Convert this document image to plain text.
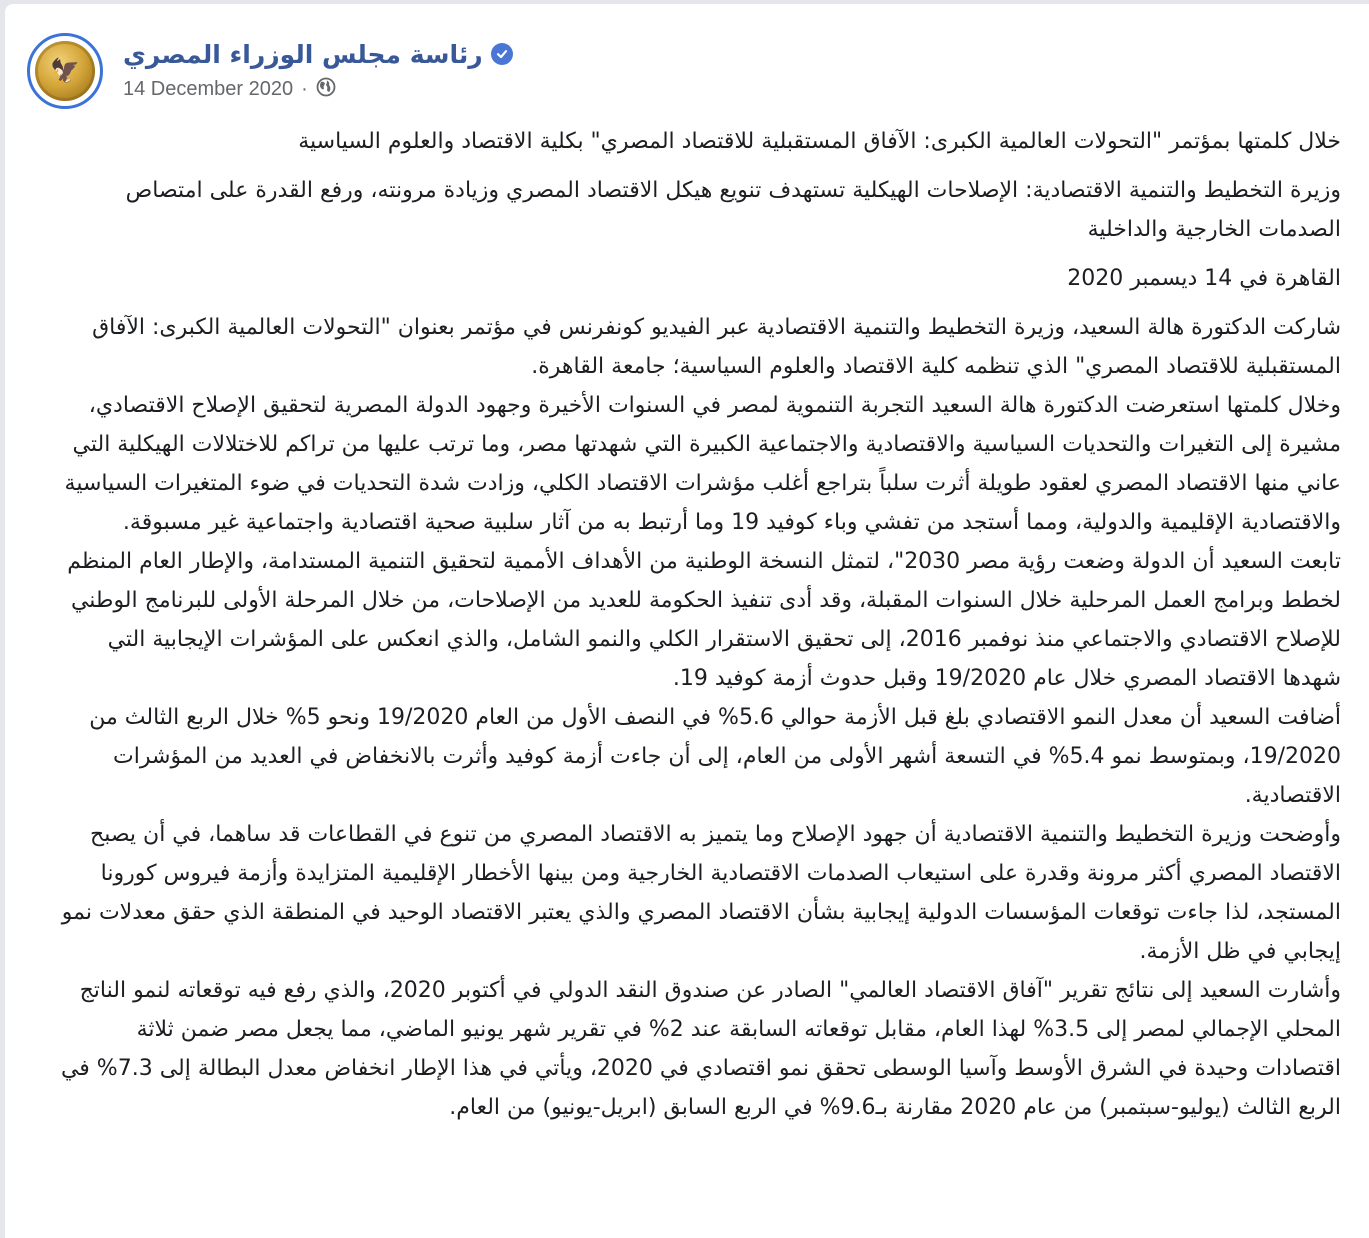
🦅
رئاسة مجلس الوزراء المصري
14 December 2020 ·

خلال كلمتها بمؤتمر "التحولات العالمية الكبرى: الآفاق المستقبلية للاقتصاد المصري" بكلية الاقتصاد والعلوم السياسية

وزيرة التخطيط والتنمية الاقتصادية: الإصلاحات الهيكلية تستهدف تنويع هيكل الاقتصاد المصري وزيادة مرونته، ورفع القدرة على امتصاص الصدمات الخارجية والداخلية

القاهرة في 14 ديسمبر 2020

شاركت الدكتورة هالة السعيد، وزيرة التخطيط والتنمية الاقتصادية عبر الفيديو كونفرنس في مؤتمر بعنوان "التحولات العالمية الكبرى: الآفاق المستقبلية للاقتصاد المصري" الذي تنظمه كلية الاقتصاد والعلوم السياسية؛ جامعة القاهرة.

وخلال كلمتها استعرضت الدكتورة هالة السعيد التجربة التنموية لمصر في السنوات الأخيرة وجهود الدولة المصرية لتحقيق الإصلاح الاقتصادي، مشيرة إلى التغيرات والتحديات السياسية والاقتصادية والاجتماعية الكبيرة التي شهدتها مصر، وما ترتب عليها من تراكم للاختلالات الهيكلية التي عاني منها الاقتصاد المصري لعقود طويلة أثرت سلباً بتراجع أغلب مؤشرات الاقتصاد الكلي، وزادت شدة التحديات في ضوء المتغيرات السياسية والاقتصادية الإقليمية والدولية، ومما أستجد من تفشي وباء كوفيد 19 وما أرتبط به من آثار سلبية صحية اقتصادية واجتماعية غير مسبوقة.

تابعت السعيد أن الدولة وضعت رؤية مصر 2030"، لتمثل النسخة الوطنية من الأهداف الأممية لتحقيق التنمية المستدامة، والإطار العام المنظم لخطط وبرامج العمل المرحلية خلال السنوات المقبلة، وقد أدى تنفيذ الحكومة للعديد من الإصلاحات، من خلال المرحلة الأولى للبرنامج الوطني للإصلاح الاقتصادي والاجتماعي منذ نوفمبر 2016، إلى تحقيق الاستقرار الكلي والنمو الشامل، والذي انعكس على المؤشرات الإيجابية التي شهدها الاقتصاد المصري خلال عام 19/2020 وقبل حدوث أزمة كوفيد 19.

أضافت السعيد أن معدل النمو الاقتصادي بلغ قبل الأزمة حوالي 5.6% في النصف الأول من العام 19/2020 ونحو 5% خلال الربع الثالث من 19/2020، وبمتوسط نمو 5.4% في التسعة أشهر الأولى من العام، إلى أن جاءت أزمة كوفيد وأثرت بالانخفاض في العديد من المؤشرات الاقتصادية.

وأوضحت وزيرة التخطيط والتنمية الاقتصادية أن جهود الإصلاح وما يتميز به الاقتصاد المصري من تنوع في القطاعات قد ساهما، في أن يصبح الاقتصاد المصري أكثر مرونة وقدرة على استيعاب الصدمات الاقتصادية الخارجية ومن بينها الأخطار الإقليمية المتزايدة وأزمة فيروس كورونا المستجد، لذا جاءت توقعات المؤسسات الدولية إيجابية بشأن الاقتصاد المصري والذي يعتبر الاقتصاد الوحيد في المنطقة الذي حقق معدلات نمو إيجابي في ظل الأزمة.

وأشارت السعيد إلى نتائج تقرير "آفاق الاقتصاد العالمي" الصادر عن صندوق النقد الدولي في أكتوبر 2020، والذي رفع فيه توقعاته لنمو الناتج المحلي الإجمالي لمصر إلى 3.5% لهذا العام، مقابل توقعاته السابقة عند 2% في تقرير شهر يونيو الماضي، مما يجعل مصر ضمن ثلاثة اقتصادات وحيدة في الشرق الأوسط وآسيا الوسطى تحقق نمو اقتصادي في 2020، ويأتي في هذا الإطار انخفاض معدل البطالة إلى 7.3% في الربع الثالث (يوليو-سبتمبر) من عام 2020 مقارنة بـ9.6% في الربع السابق (ابريل-يونيو) من العام.
